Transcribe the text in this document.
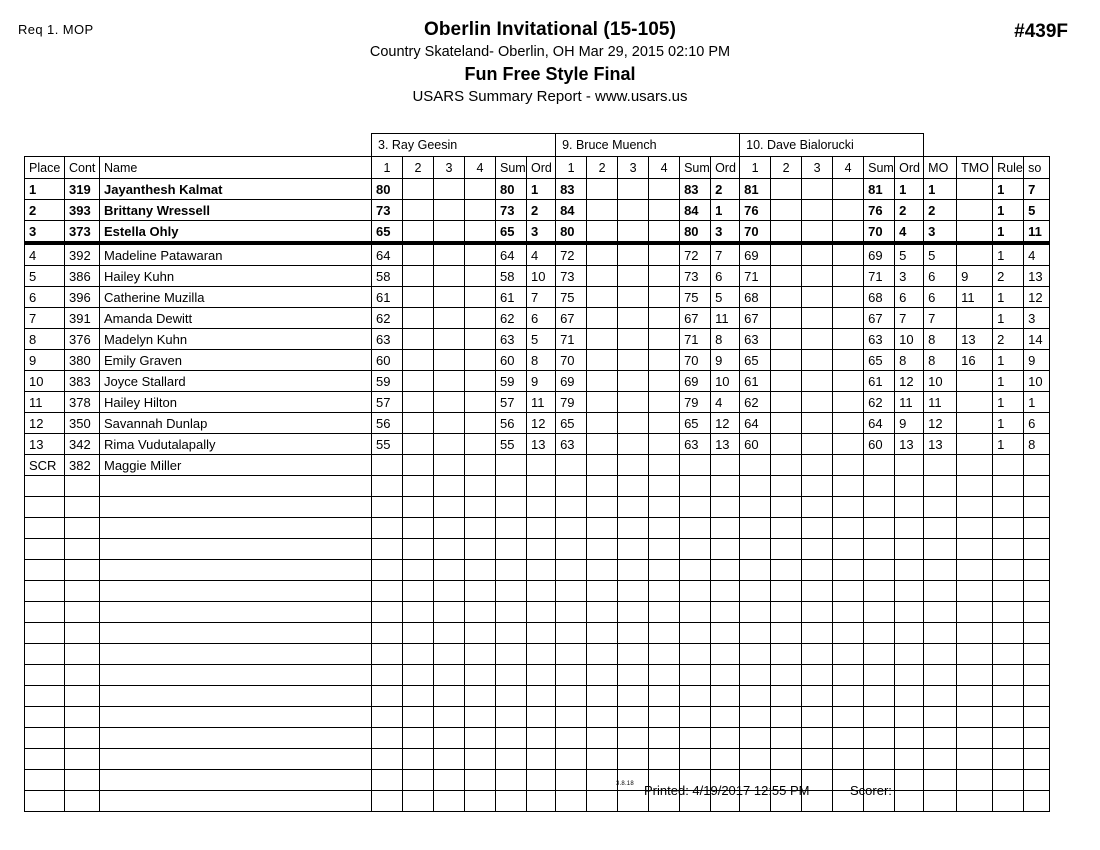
Req 1. MOP	#439F
Oberlin Invitational (15-105)
Country Skateland- Oberlin, OH Mar 29, 2015 02:10 PM
Fun Free Style Final
USARS Summary Report - www.usars.us
			3. Ray Geesin						9. Bruce Muench						10. Dave Bialorucki									
Place	Cont	Name	1	2	3	4	Sum	Ord	1	2	3	4	Sum	Ord	1	2	3	4	Sum	Ord	MO	TMO	Rule	so
1	319	Jayanthesh Kalmat	80				80	1	83				83	2	81				81	1	1		1	7
2	393	Brittany Wressell	73				73	2	84				84	1	76				76	2	2		1	5
3	373	Estella Ohly	65				65	3	80				80	3	70				70	4	3		1	11
4	392	Madeline Patawaran	64				64	4	72				72	7	69				69	5	5		1	4
5	386	Hailey Kuhn	58				58	10	73				73	6	71				71	3	6	9	2	13
6	396	Catherine Muzilla	61				61	7	75				75	5	68				68	6	6	11	1	12
7	391	Amanda Dewitt	62				62	6	67				67	11	67				67	7	7		1	3
8	376	Madelyn Kuhn	63				63	5	71				71	8	63				63	10	8	13	2	14
9	380	Emily Graven	60				60	8	70				70	9	65				65	8	8	16	1	9
10	383	Joyce Stallard	59				59	9	69				69	10	61				61	12	10		1	10
11	378	Hailey Hilton	57				57	11	79				79	4	62				62	11	11		1	1
12	350	Savannah Dunlap	56				56	12	65				65	12	64				64	9	12		1	6
13	342	Rima Vudutalapally	55				55	13	63				63	13	60				60	13	13		1	8
SCR	382	Maggie Miller																						

3.8.18 Printed: 4/19/2017 12:55 PM	Scorer:
